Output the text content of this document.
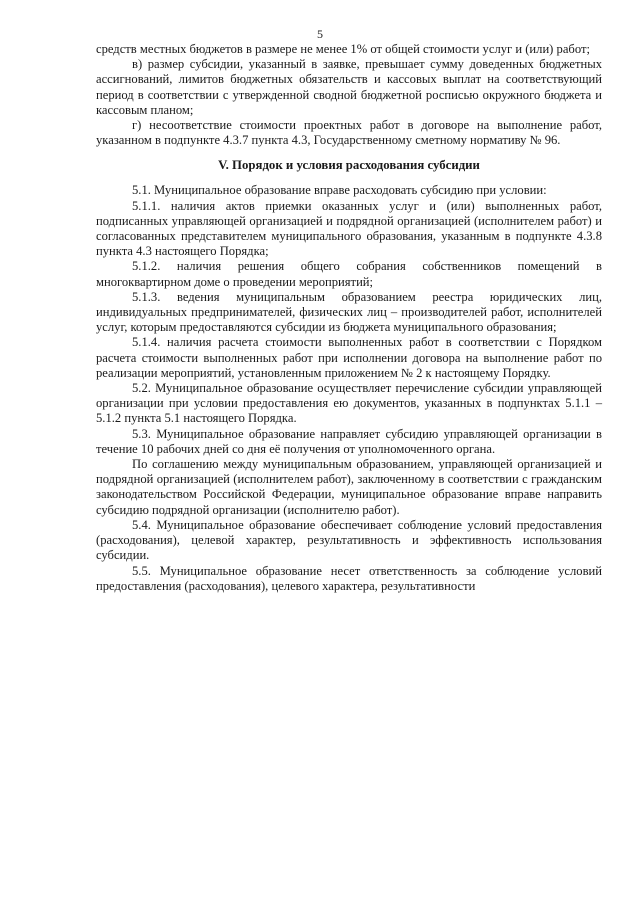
5

средств местных бюджетов в размере не менее 1% от общей стоимости услуг и (или) работ;

в) размер субсидии, указанный в заявке, превышает сумму доведенных бюджетных ассигнований, лимитов бюджетных обязательств и кассовых выплат на соответствующий период в соответствии с утвержденной сводной бюджетной росписью окружного бюджета и кассовым планом;

г) несоответствие стоимости проектных работ в договоре на выполнение работ, указанном в подпункте 4.3.7 пункта 4.3, Государственному сметному нормативу № 96.

V. Порядок и условия расходования субсидии

5.1. Муниципальное образование вправе расходовать субсидию при условии:

5.1.1. наличия актов приемки оказанных услуг и (или) выполненных работ, подписанных управляющей организацией и подрядной организацией (исполнителем работ) и согласованных представителем муниципального образования, указанным в подпункте 4.3.8 пункта 4.3 настоящего Порядка;

5.1.2. наличия решения общего собрания собственников помещений в многоквартирном доме о проведении мероприятий;

5.1.3. ведения муниципальным образованием реестра юридических лиц, индивидуальных предпринимателей, физических лиц – производителей работ, исполнителей услуг, которым предоставляются субсидии из бюджета муниципального образования;

5.1.4. наличия расчета стоимости выполненных работ в соответствии с Порядком расчета стоимости выполненных работ при исполнении договора на выполнение работ по реализации мероприятий, установленным приложением № 2 к настоящему Порядку.

5.2. Муниципальное образование осуществляет перечисление субсидии управляющей организации при условии предоставления ею документов, указанных в подпунктах 5.1.1 – 5.1.2 пункта 5.1 настоящего Порядка.

5.3. Муниципальное образование направляет субсидию управляющей организации в течение 10 рабочих дней со дня её получения от уполномоченного органа.

По соглашению между муниципальным образованием, управляющей организацией и подрядной организацией (исполнителем работ), заключенному в соответствии с гражданским законодательством Российской Федерации, муниципальное образование вправе направить субсидию подрядной организации (исполнителю работ).

5.4. Муниципальное образование обеспечивает соблюдение условий предоставления (расходования), целевой характер, результативность и эффективность использования субсидии.

5.5. Муниципальное образование несет ответственность за соблюдение условий предоставления (расходования), целевого характера, результативности
